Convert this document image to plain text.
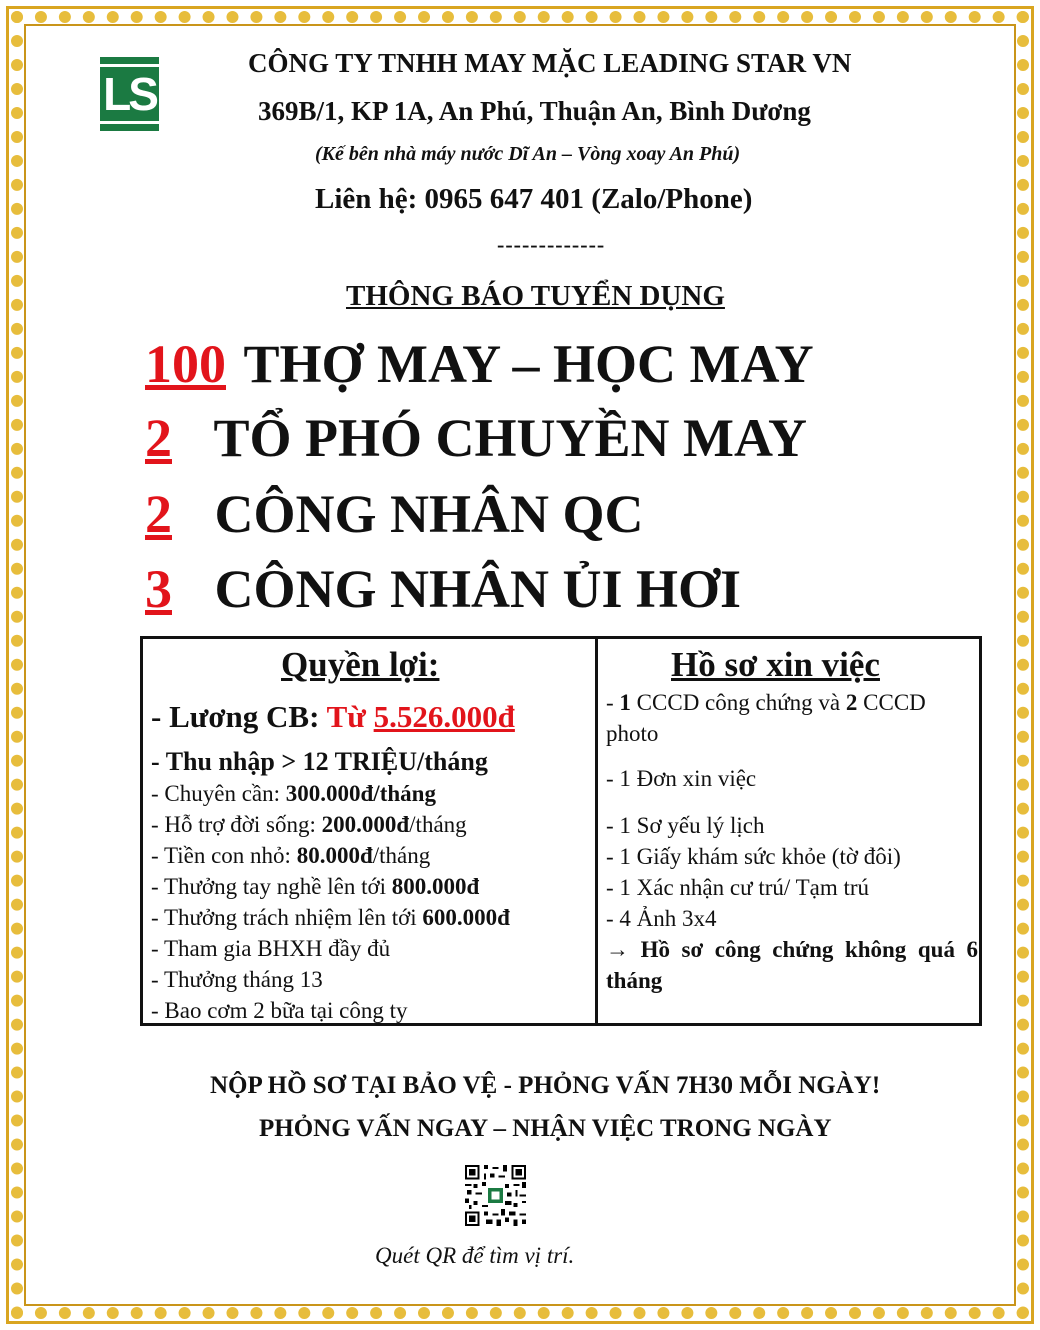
LS
CÔNG TY TNHH MAY MẶC LEADING STAR VN
369B/1, KP 1A, An Phú, Thuận An, Bình Dương
(Kế bên nhà máy nước Dĩ An – Vòng xoay An Phú)
Liên hệ: 0965 647 401 (Zalo/Phone)
-------------
THÔNG BÁO TUYỂN DỤNG
100 THỢ MAY – HỌC MAY
2 TỔ PHÓ CHUYỀN MAY
2 CÔNG NHÂN QC
3 CÔNG NHÂN ỦI HƠI
Quyền lợi:
- Lương CB: Từ 5.526.000đ
- Thu nhập > 12 TRIỆU/tháng
- Chuyên cần: 300.000đ/tháng
- Hỗ trợ đời sống: 200.000đ/tháng
- Tiền con nhỏ: 80.000đ/tháng
- Thưởng tay nghề lên tới 800.000đ
- Thưởng trách nhiệm lên tới 600.000đ
- Tham gia BHXH đầy đủ
- Thưởng tháng 13
- Bao cơm 2 bữa tại công ty
Hồ sơ xin việc
- 1 CCCD công chứng và 2 CCCD photo
- 1 Đơn xin việc
- 1 Sơ yếu lý lịch
- 1 Giấy khám sức khỏe (tờ đôi)
- 1 Xác nhận cư trú/ Tạm trú
- 4 Ảnh 3x4
→ Hồ sơ công chứng không quá 6 tháng
NỘP HỒ SƠ TẠI BẢO VỆ - PHỎNG VẤN 7H30 MỖI NGÀY!
PHỎNG VẤN NGAY – NHẬN VIỆC TRONG NGÀY
Quét QR để tìm vị trí.
